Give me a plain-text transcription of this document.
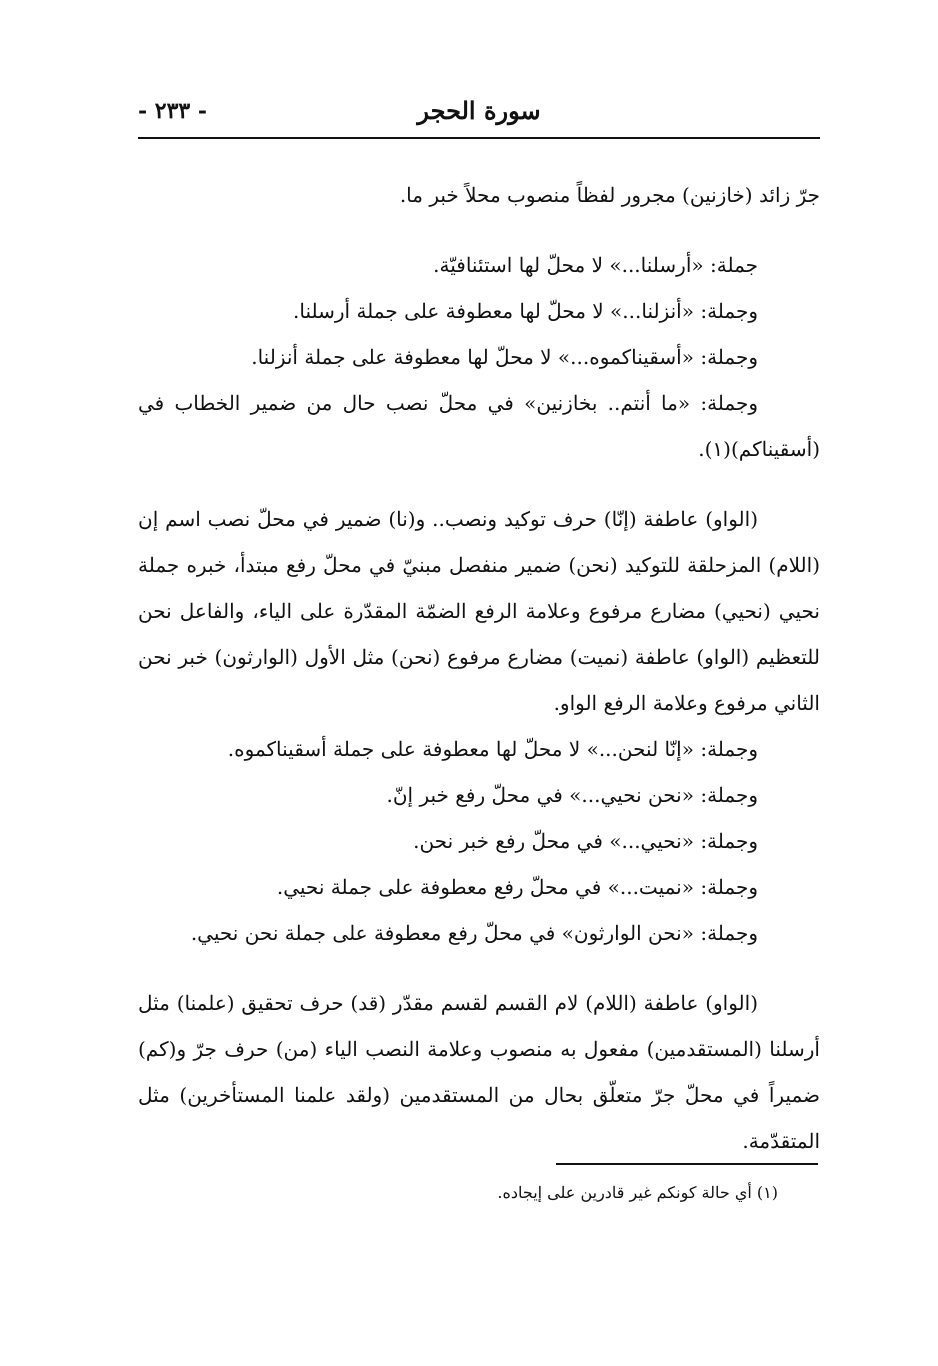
سورة الحجر
- ٢٣٣ -

جرّ زائد (خازنين) مجرور لفظاً منصوب محلاً خبر ما.

جملة: «أرسلنا...» لا محلّ لها استئنافيّة.

وجملة: «أنزلنا...» لا محلّ لها معطوفة على جملة أرسلنا.

وجملة: «أسقيناكموه...» لا محلّ لها معطوفة على جملة أنزلنا.

وجملة: «ما أنتم.. بخازنين» في محلّ نصب حال من ضمير الخطاب في (أسقيناكم)(١).

(الواو) عاطفة (إنّا) حرف توكيد ونصب.. و(نا) ضمير في محلّ نصب اسم إن (اللام) المزحلقة للتوكيد (نحن) ضمير منفصل مبنيّ في محلّ رفع مبتدأ، خبره جملة نحيي (نحيي) مضارع مرفوع وعلامة الرفع الضمّة المقدّرة على الياء، والفاعل نحن للتعظيم (الواو) عاطفة (نميت) مضارع مرفوع (نحن) مثل الأول (الوارثون) خبر نحن الثاني مرفوع وعلامة الرفع الواو.

وجملة: «إنّا لنحن...» لا محلّ لها معطوفة على جملة أسقيناكموه.

وجملة: «نحن نحيي...» في محلّ رفع خبر إنّ.

وجملة: «نحيي...» في محلّ رفع خبر نحن.

وجملة: «نميت...» في محلّ رفع معطوفة على جملة نحيي.

وجملة: «نحن الوارثون» في محلّ رفع معطوفة على جملة نحن نحيي.

(الواو) عاطفة (اللام) لام القسم لقسم مقدّر (قد) حرف تحقيق (علمنا) مثل أرسلنا (المستقدمين) مفعول به منصوب وعلامة النصب الياء (من) حرف جرّ و(كم) ضميراً في محلّ جرّ متعلّق بحال من المستقدمين (ولقد علمنا المستأخرين) مثل المتقدّمة.

(١) أي حالة كونكم غير قادرين على إيجاده.
